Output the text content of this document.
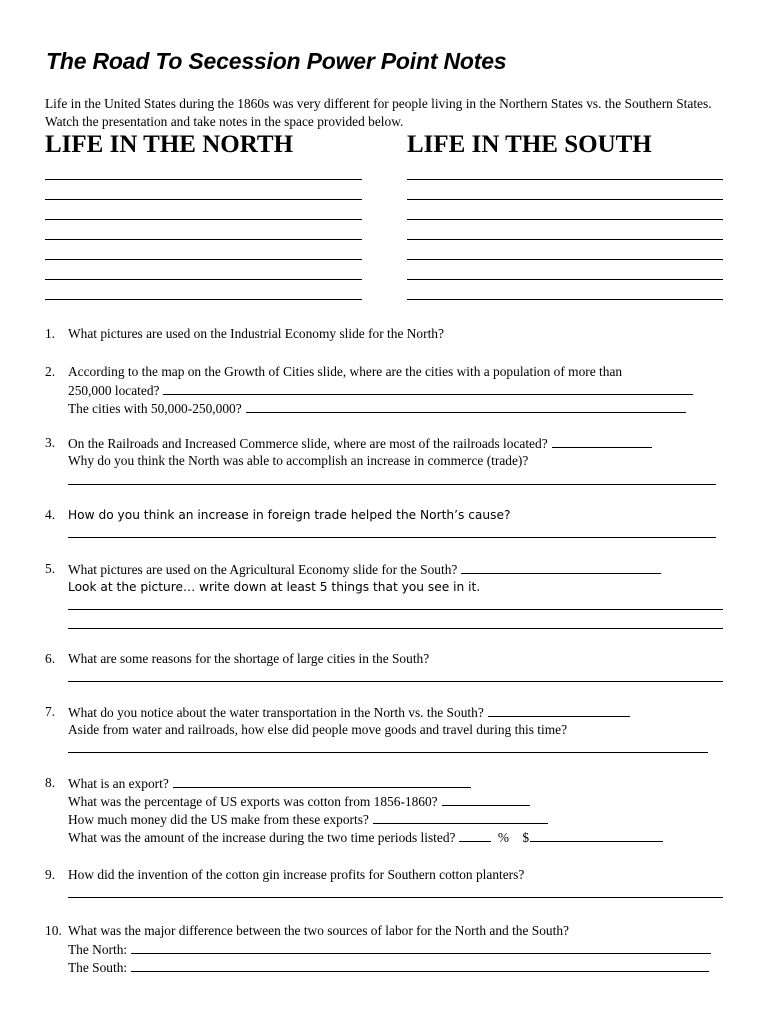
The Road To Secession Power Point Notes
Life in the United States during the 1860s was very different for people living in the Northern States vs. the Southern States. Watch the presentation and take notes in the space provided below.
LIFE IN THE NORTH	LIFE IN THE SOUTH
1. What pictures are used on the Industrial Economy slide for the North?
2. According to the map on the Growth of Cities slide, where are the cities with a population of more than
250,000 located?
The cities with 50,000-250,000?
3. On the Railroads and Increased Commerce slide, where are most of the railroads located?
Why do you think the North was able to accomplish an increase in commerce (trade)?
4. How do you think an increase in foreign trade helped the North’s cause?
5. What pictures are used on the Agricultural Economy slide for the South?
Look at the picture… write down at least 5 things that you see in it.
6. What are some reasons for the shortage of large cities in the South?
7. What do you notice about the water transportation in the North vs. the South?
Aside from water and railroads, how else did people move goods and travel during this time?
8. What is an export?
What was the percentage of US exports was cotton from 1856-1860?
How much money did the US make from these exports?
What was the amount of the increase during the two time periods listed?	% $
9. How did the invention of the cotton gin increase profits for Southern cotton planters?
10. What was the major difference between the two sources of labor for the North and the South?
The North:
The South:
